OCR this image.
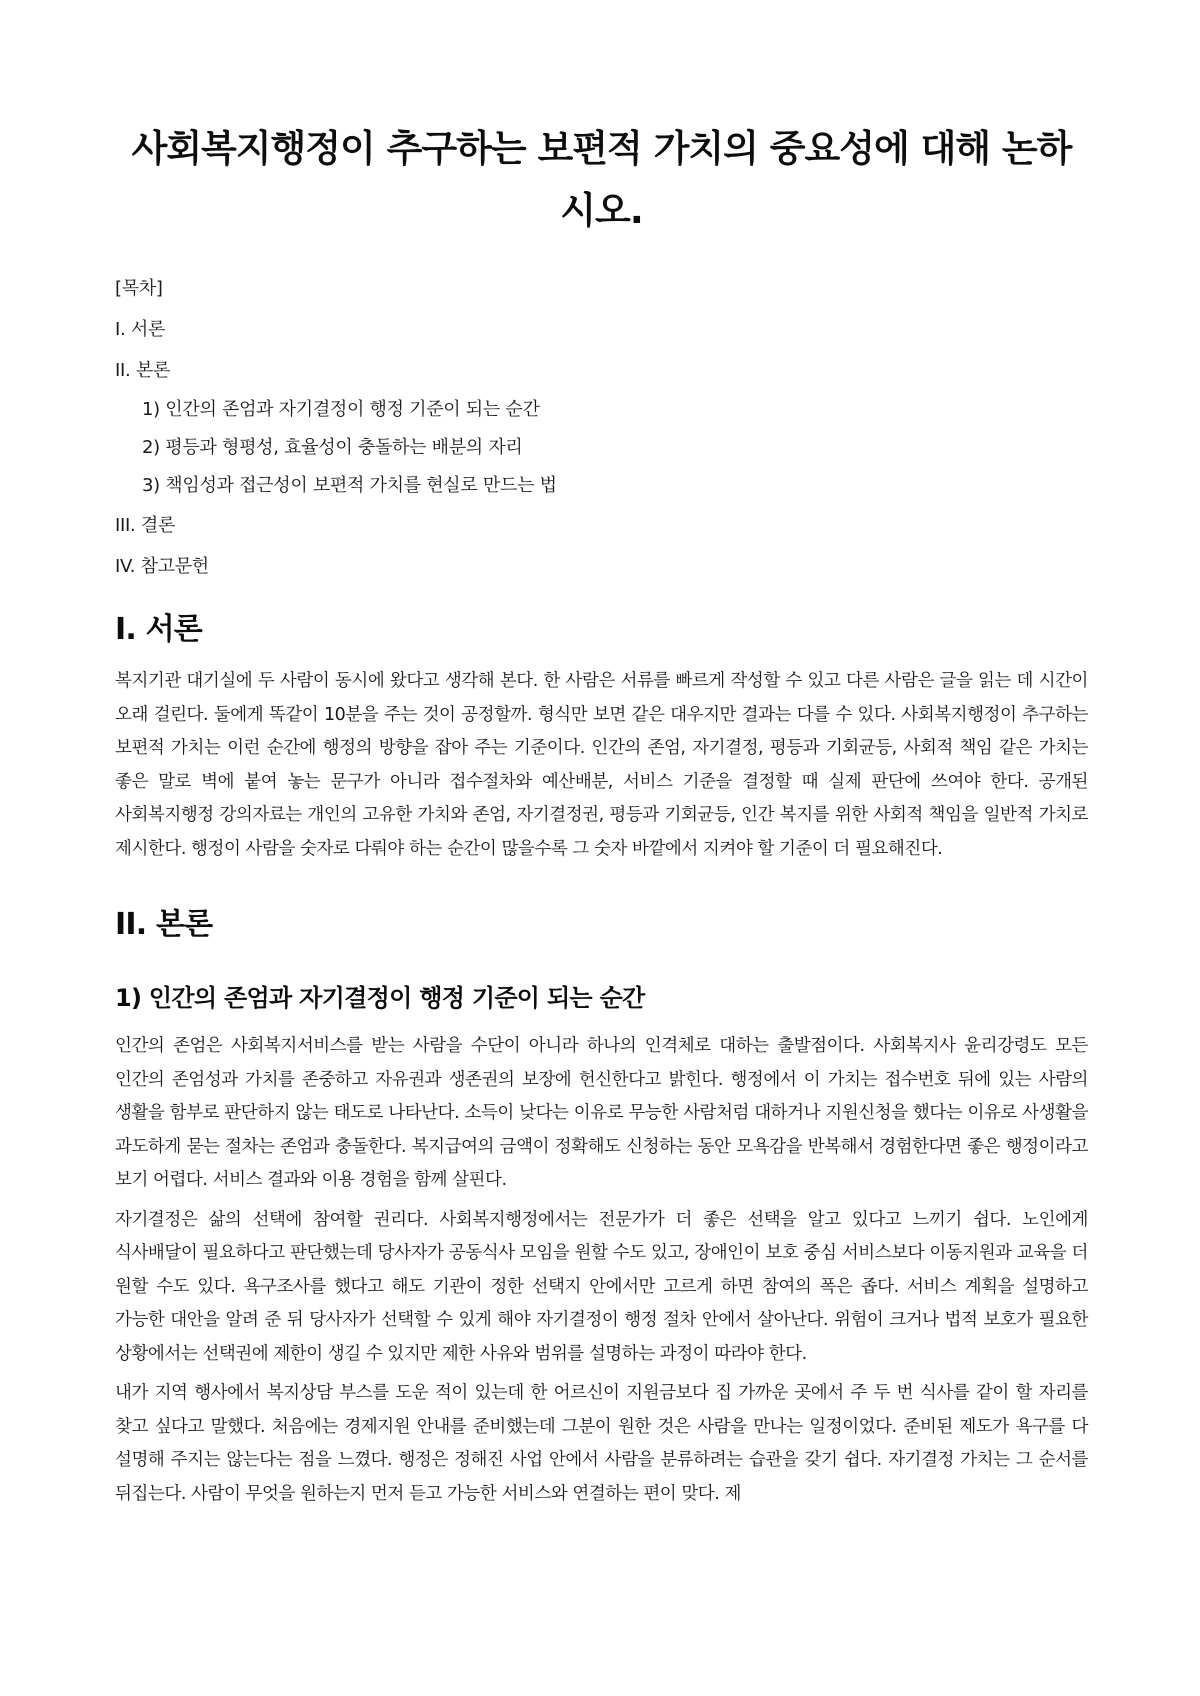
사회복지행정이 추구하는 보편적 가치의 중요성에 대해 논하시오.
[목차]
I. 서론
II. 본론
1) 인간의 존엄과 자기결정이 행정 기준이 되는 순간
2) 평등과 형평성, 효율성이 충돌하는 배분의 자리
3) 책임성과 접근성이 보편적 가치를 현실로 만드는 법
III. 결론
IV. 참고문헌
I. 서론

복지기관 대기실에 두 사람이 동시에 왔다고 생각해 본다. 한 사람은 서류를 빠르게 작성할 수 있고 다른 사람은 글을 읽는 데 시간이 오래 걸린다. 둘에게 똑같이 10분을 주는 것이 공정할까. 형식만 보면 같은 대우지만 결과는 다를 수 있다. 사회복지행정이 추구하는 보편적 가치는 이런 순간에 행정의 방향을 잡아 주는 기준이다. 인간의 존엄, 자기결정, 평등과 기회균등, 사회적 책임 같은 가치는 좋은 말로 벽에 붙여 놓는 문구가 아니라 접수절차와 예산배분, 서비스 기준을 결정할 때 실제 판단에 쓰여야 한다. 공개된 사회복지행정 강의자료는 개인의 고유한 가치와 존엄, 자기결정권, 평등과 기회균등, 인간 복지를 위한 사회적 책임을 일반적 가치로 제시한다. 행정이 사람을 숫자로 다뤄야 하는 순간이 많을수록 그 숫자 바깥에서 지켜야 할 기준이 더 필요해진다.

II. 본론
1) 인간의 존엄과 자기결정이 행정 기준이 되는 순간

인간의 존엄은 사회복지서비스를 받는 사람을 수단이 아니라 하나의 인격체로 대하는 출발점이다. 사회복지사 윤리강령도 모든 인간의 존엄성과 가치를 존중하고 자유권과 생존권의 보장에 헌신한다고 밝힌다. 행정에서 이 가치는 접수번호 뒤에 있는 사람의 생활을 함부로 판단하지 않는 태도로 나타난다. 소득이 낮다는 이유로 무능한 사람처럼 대하거나 지원신청을 했다는 이유로 사생활을 과도하게 묻는 절차는 존엄과 충돌한다. 복지급여의 금액이 정확해도 신청하는 동안 모욕감을 반복해서 경험한다면 좋은 행정이라고 보기 어렵다. 서비스 결과와 이용 경험을 함께 살핀다.

자기결정은 삶의 선택에 참여할 권리다. 사회복지행정에서는 전문가가 더 좋은 선택을 알고 있다고 느끼기 쉽다. 노인에게 식사배달이 필요하다고 판단했는데 당사자가 공동식사 모임을 원할 수도 있고, 장애인이 보호 중심 서비스보다 이동지원과 교육을 더 원할 수도 있다. 욕구조사를 했다고 해도 기관이 정한 선택지 안에서만 고르게 하면 참여의 폭은 좁다. 서비스 계획을 설명하고 가능한 대안을 알려 준 뒤 당사자가 선택할 수 있게 해야 자기결정이 행정 절차 안에서 살아난다. 위험이 크거나 법적 보호가 필요한 상황에서는 선택권에 제한이 생길 수 있지만 제한 사유와 범위를 설명하는 과정이 따라야 한다.

내가 지역 행사에서 복지상담 부스를 도운 적이 있는데 한 어르신이 지원금보다 집 가까운 곳에서 주 두 번 식사를 같이 할 자리를 찾고 싶다고 말했다. 처음에는 경제지원 안내를 준비했는데 그분이 원한 것은 사람을 만나는 일정이었다. 준비된 제도가 욕구를 다 설명해 주지는 않는다는 점을 느꼈다. 행정은 정해진 사업 안에서 사람을 분류하려는 습관을 갖기 쉽다. 자기결정 가치는 그 순서를 뒤집는다. 사람이 무엇을 원하는지 먼저 듣고 가능한 서비스와 연결하는 편이 맞다. 제
